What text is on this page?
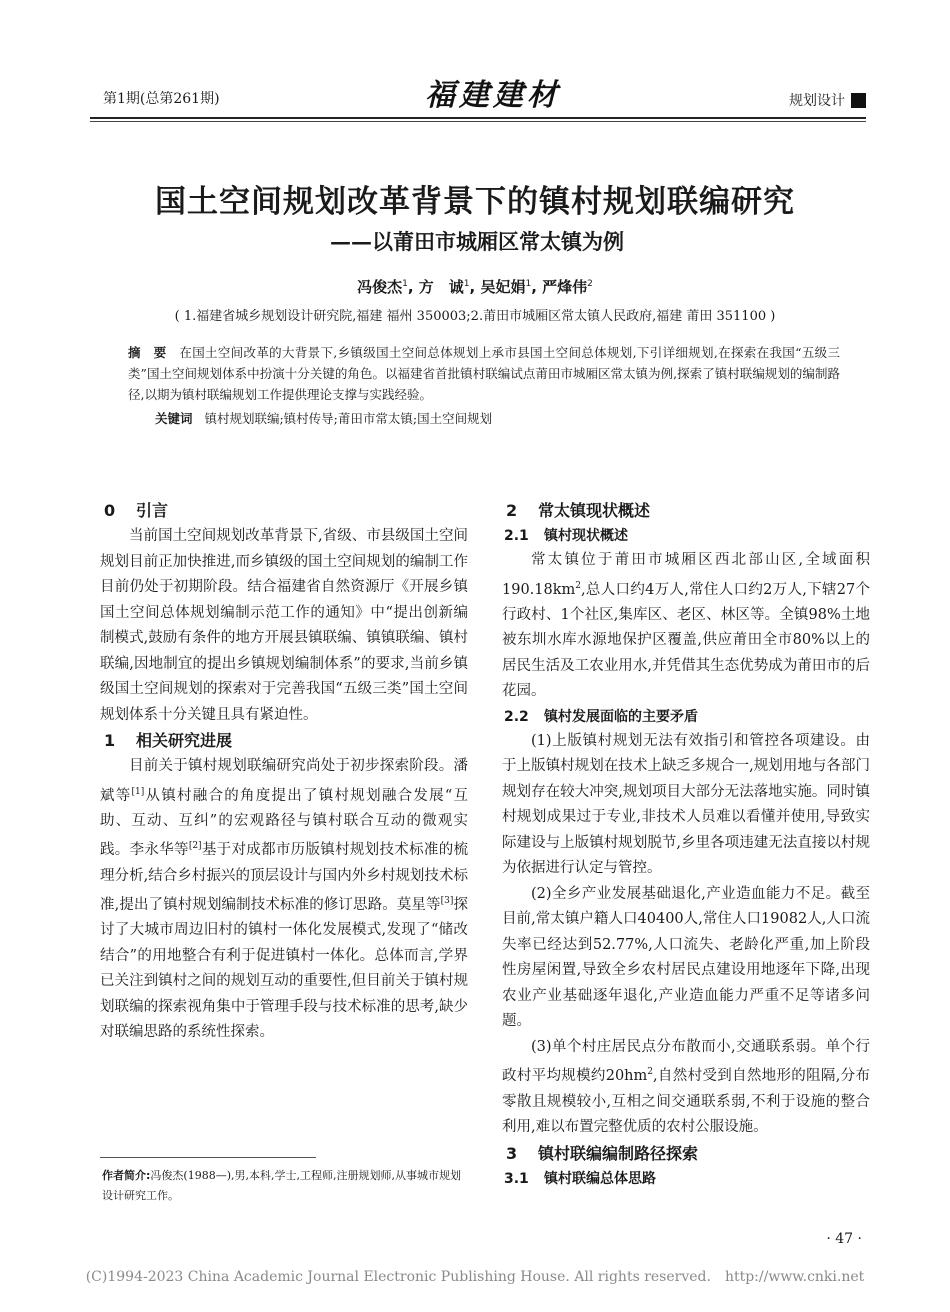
第1期(总第261期)	福建建材	规划设计
国土空间规划改革背景下的镇村规划联编研究
——以莆田市城厢区常太镇为例
冯俊杰$^1$, 方　诚$^1$, 吴妃娟$^1$, 严烽伟$^2$
( 1.福建省城乡规划设计研究院,福建 福州 350003;2.莆田市城厢区常太镇人民政府,福建 莆田 351100 )
摘　要 在国土空间改革的大背景下,乡镇级国土空间总体规划上承市县国土空间总体规划,下引详细规划,在探索在我国“五级三类”国土空间规划体系中扮演十分关键的角色。以福建省首批镇村联编试点莆田市城厢区常太镇为例,探索了镇村联编规划的编制路径,以期为镇村联编规划工作提供理论支撑与实践经验。
关键词 镇村规划联编;镇村传导;莆田市常太镇;国土空间规划
0 引言

当前国土空间规划改革背景下,省级、市县级国土空间规划目前正加快推进,而乡镇级的国土空间规划的编制工作目前仍处于初期阶段。结合福建省自然资源厅《开展乡镇国土空间总体规划编制示范工作的通知》中“提出创新编制模式,鼓励有条件的地方开展县镇联编、镇镇联编、镇村联编,因地制宜的提出乡镇规划编制体系”的要求,当前乡镇级国土空间规划的探索对于完善我国“五级三类”国土空间规划体系十分关键且具有紧迫性。

1 相关研究进展

目前关于镇村规划联编研究尚处于初步探索阶段。潘斌等[1]从镇村融合的角度提出了镇村规划融合发展“互助、互动、互纠”的宏观路径与镇村联合互动的微观实践。李永华等[2]基于对成都市历版镇村规划技术标准的梳理分析,结合乡村振兴的顶层设计与国内外乡村规划技术标准,提出了镇村规划编制技术标准的修订思路。莫星等[3]探讨了大城市周边旧村的镇村一体化发展模式,发现了“储改结合”的用地整合有利于促进镇村一体化。总体而言,学界已关注到镇村之间的规划互动的重要性,但目前关于镇村规划联编的探索视角集中于管理手段与技术标准的思考,缺少对联编思路的系统性探索。

作者简介:冯俊杰(1988—),男,本科,学士,工程师,注册规划师,从事城市规划设计研究工作。
2 常太镇现状概述
2.1 镇村现状概述

常太镇位于莆田市城厢区西北部山区,全域面积$190.18km^2$,总人口约4万人,常住人口约2万人,下辖27个行政村、1个社区,集库区、老区、林区等。全镇98%土地被东圳水库水源地保护区覆盖,供应莆田全市80%以上的居民生活及工农业用水,并凭借其生态优势成为莆田市的后花园。

2.2 镇村发展面临的主要矛盾

(1)上版镇村规划无法有效指引和管控各项建设。由于上版镇村规划在技术上缺乏多规合一,规划用地与各部门规划存在较大冲突,规划项目大部分无法落地实施。同时镇村规划成果过于专业,非技术人员难以看懂并使用,导致实际建设与上版镇村规划脱节,乡里各项违建无法直接以村规为依据进行认定与管控。

(2)全乡产业发展基础退化,产业造血能力不足。截至目前,常太镇户籍人口40400人,常住人口19082人,人口流失率已经达到52.77%,人口流失、老龄化严重,加上阶段性房屋闲置,导致全乡农村居民点建设用地逐年下降,出现农业产业基础逐年退化,产业造血能力严重不足等诸多问题。

(3)单个村庄居民点分布散而小,交通联系弱。单个行政村平均规模约$20hm^2$,自然村受到自然地形的阻隔,分布零散且规模较小,互相之间交通联系弱,不利于设施的整合利用,难以布置完整优质的农村公服设施。

3 镇村联编编制路径探索
3.1 镇村联编总体思路
· 47 ·
(C)1994-2023 China Academic Journal Electronic Publishing House. All rights reserved.　http://www.cnki.net
